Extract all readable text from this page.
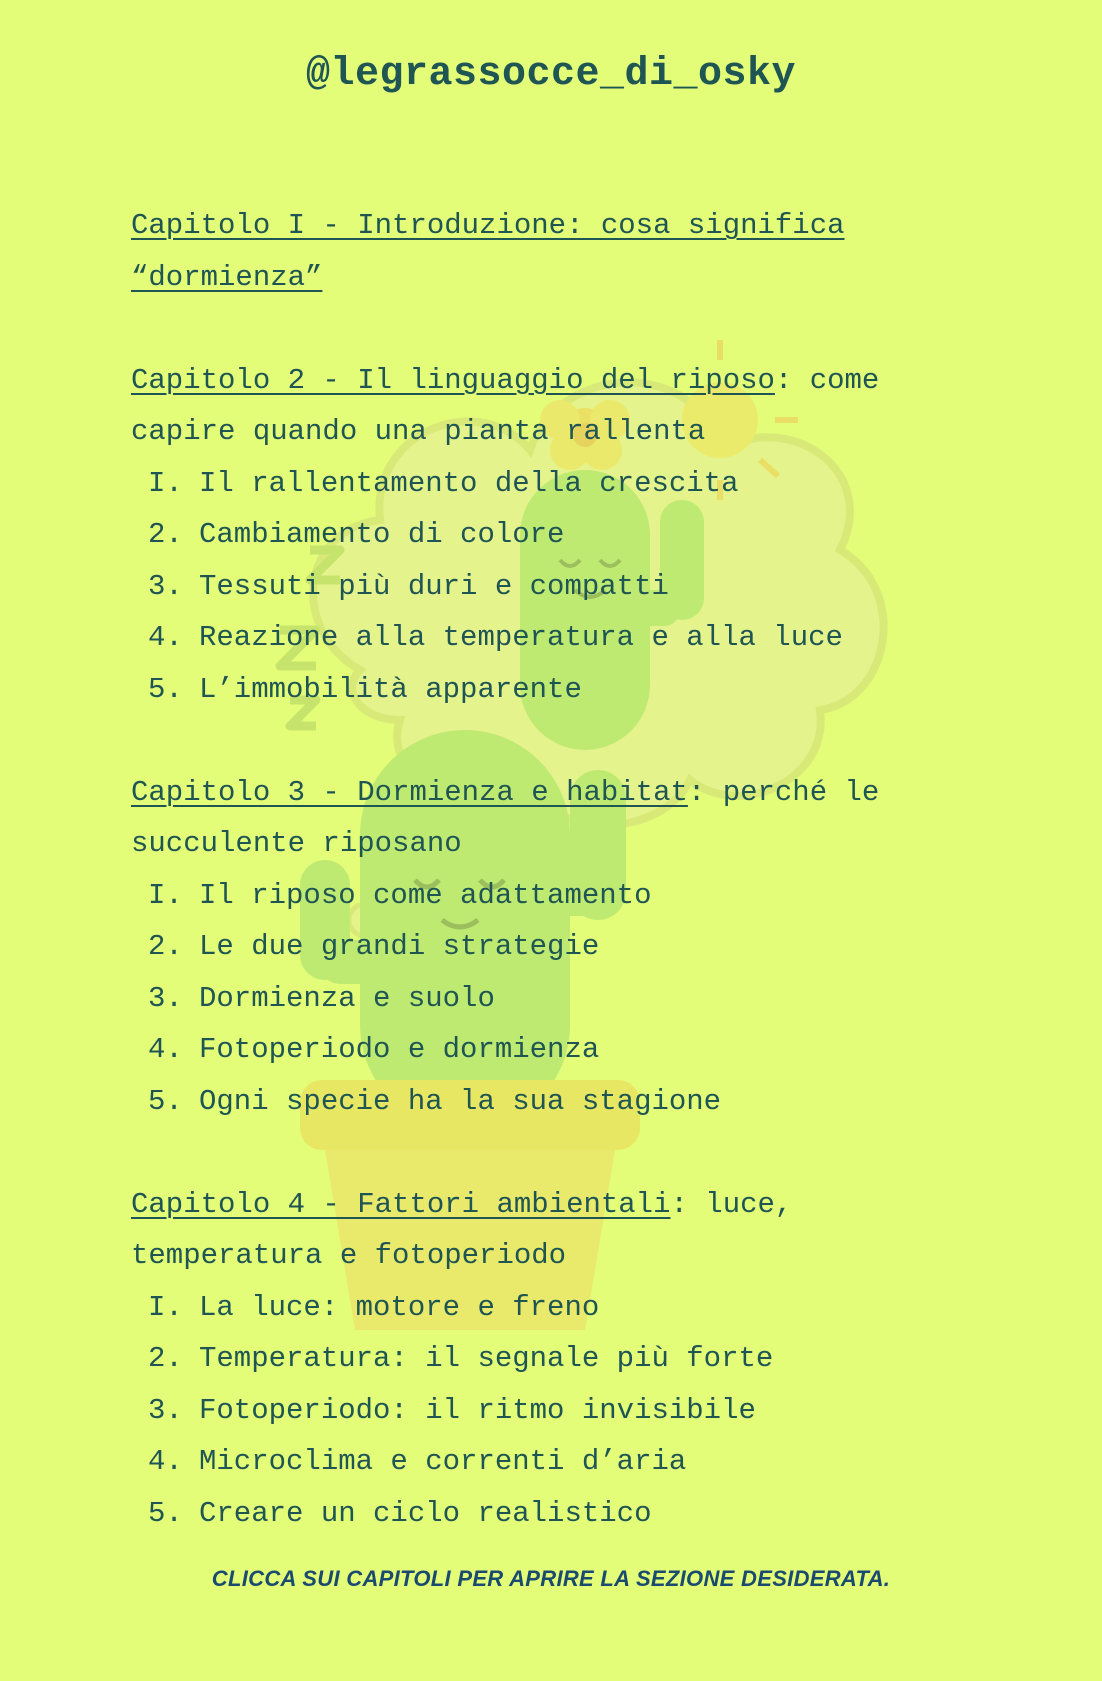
@legrassocce_di_osky
Capitolo I - Introduzione: cosa significa “dormienza”
Capitolo 2 - Il linguaggio del riposo: come capire quando una pianta rallenta
I. Il rallentamento della crescita
2. Cambiamento di colore
3. Tessuti più duri e compatti
4. Reazione alla temperatura e alla luce
5. L’immobilità apparente
Capitolo 3 - Dormienza e habitat: perché le succulente riposano
I. Il riposo come adattamento
2. Le due grandi strategie
3. Dormienza e suolo
4. Fotoperiodo e dormienza
5. Ogni specie ha la sua stagione
Capitolo 4 - Fattori ambientali: luce, temperatura e fotoperiodo
I. La luce: motore e freno
2. Temperatura: il segnale più forte
3. Fotoperiodo: il ritmo invisibile
4. Microclima e correnti d’aria
5. Creare un ciclo realistico
CLICCA SUI CAPITOLI PER APRIRE LA SEZIONE DESIDERATA.
